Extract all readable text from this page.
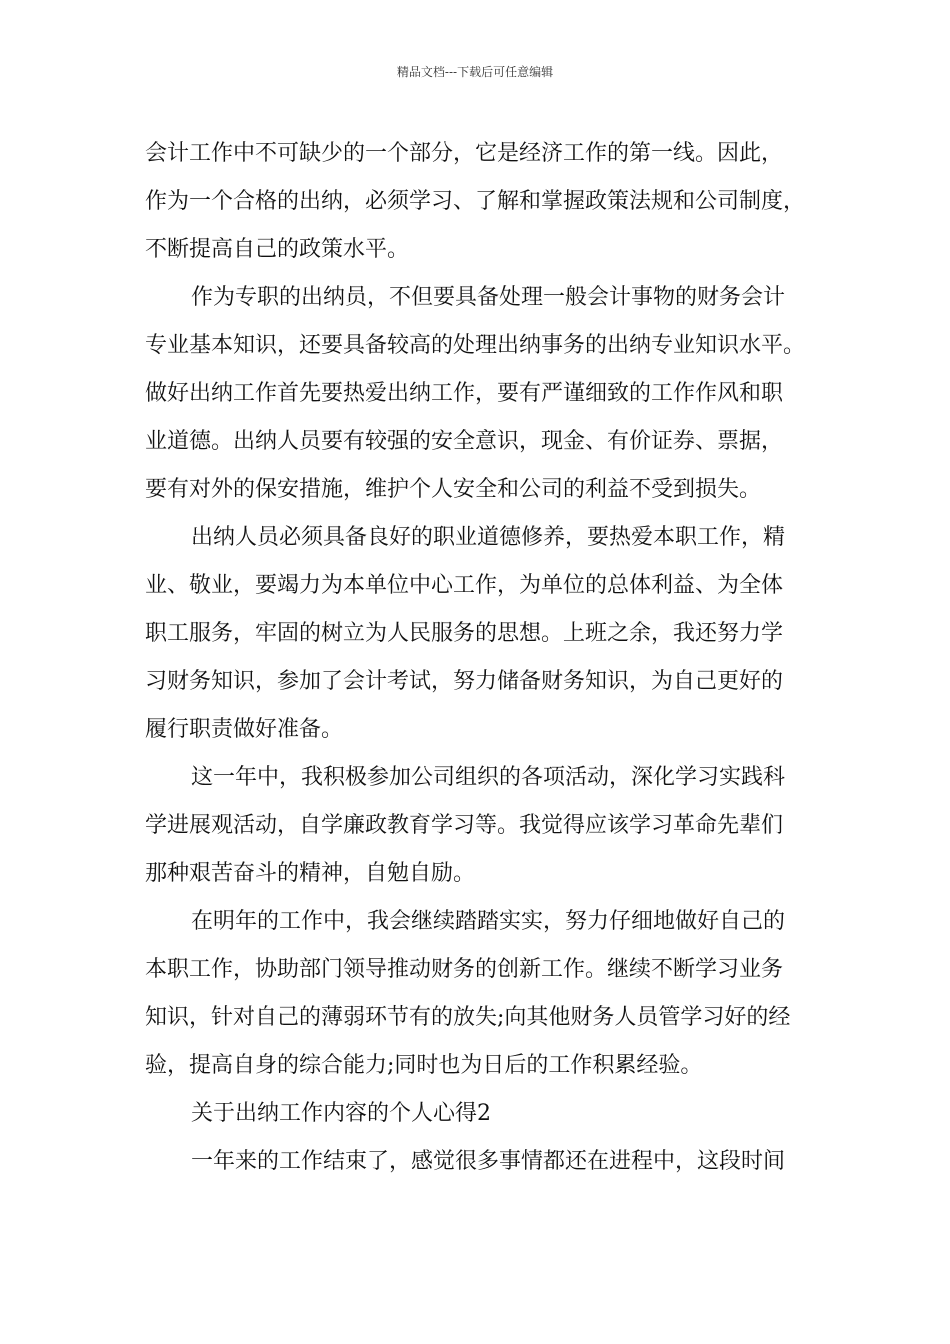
精品文档---下载后可任意编辑
会计工作中不可缺少的一个部分，它是经济工作的第一线。因此，
作为一个合格的出纳，必须学习、了解和掌握政策法规和公司制度，
不断提高自己的政策水平。
作为专职的出纳员，不但要具备处理一般会计事物的财务会计
专业基本知识，还要具备较高的处理出纳事务的出纳专业知识水平。
做好出纳工作首先要热爱出纳工作，要有严谨细致的工作作风和职
业道德。出纳人员要有较强的安全意识，现金、有价证券、票据，
要有对外的保安措施，维护个人安全和公司的利益不受到损失。
出纳人员必须具备良好的职业道德修养，要热爱本职工作，精
业、敬业，要竭力为本单位中心工作，为单位的总体利益、为全体
职工服务，牢固的树立为人民服务的思想。上班之余，我还努力学
习财务知识，参加了会计考试，努力储备财务知识，为自己更好的
履行职责做好准备。
这一年中，我积极参加公司组织的各项活动，深化学习实践科
学进展观活动，自学廉政教育学习等。我觉得应该学习革命先辈们
那种艰苦奋斗的精神，自勉自励。
在明年的工作中，我会继续踏踏实实，努力仔细地做好自己的
本职工作，协助部门领导推动财务的创新工作。继续不断学习业务
知识，针对自己的薄弱环节有的放失;向其他财务人员管学习好的经
验，提高自身的综合能力;同时也为日后的工作积累经验。
关于出纳工作内容的个人心得2
一年来的工作结束了，感觉很多事情都还在进程中，这段时间
